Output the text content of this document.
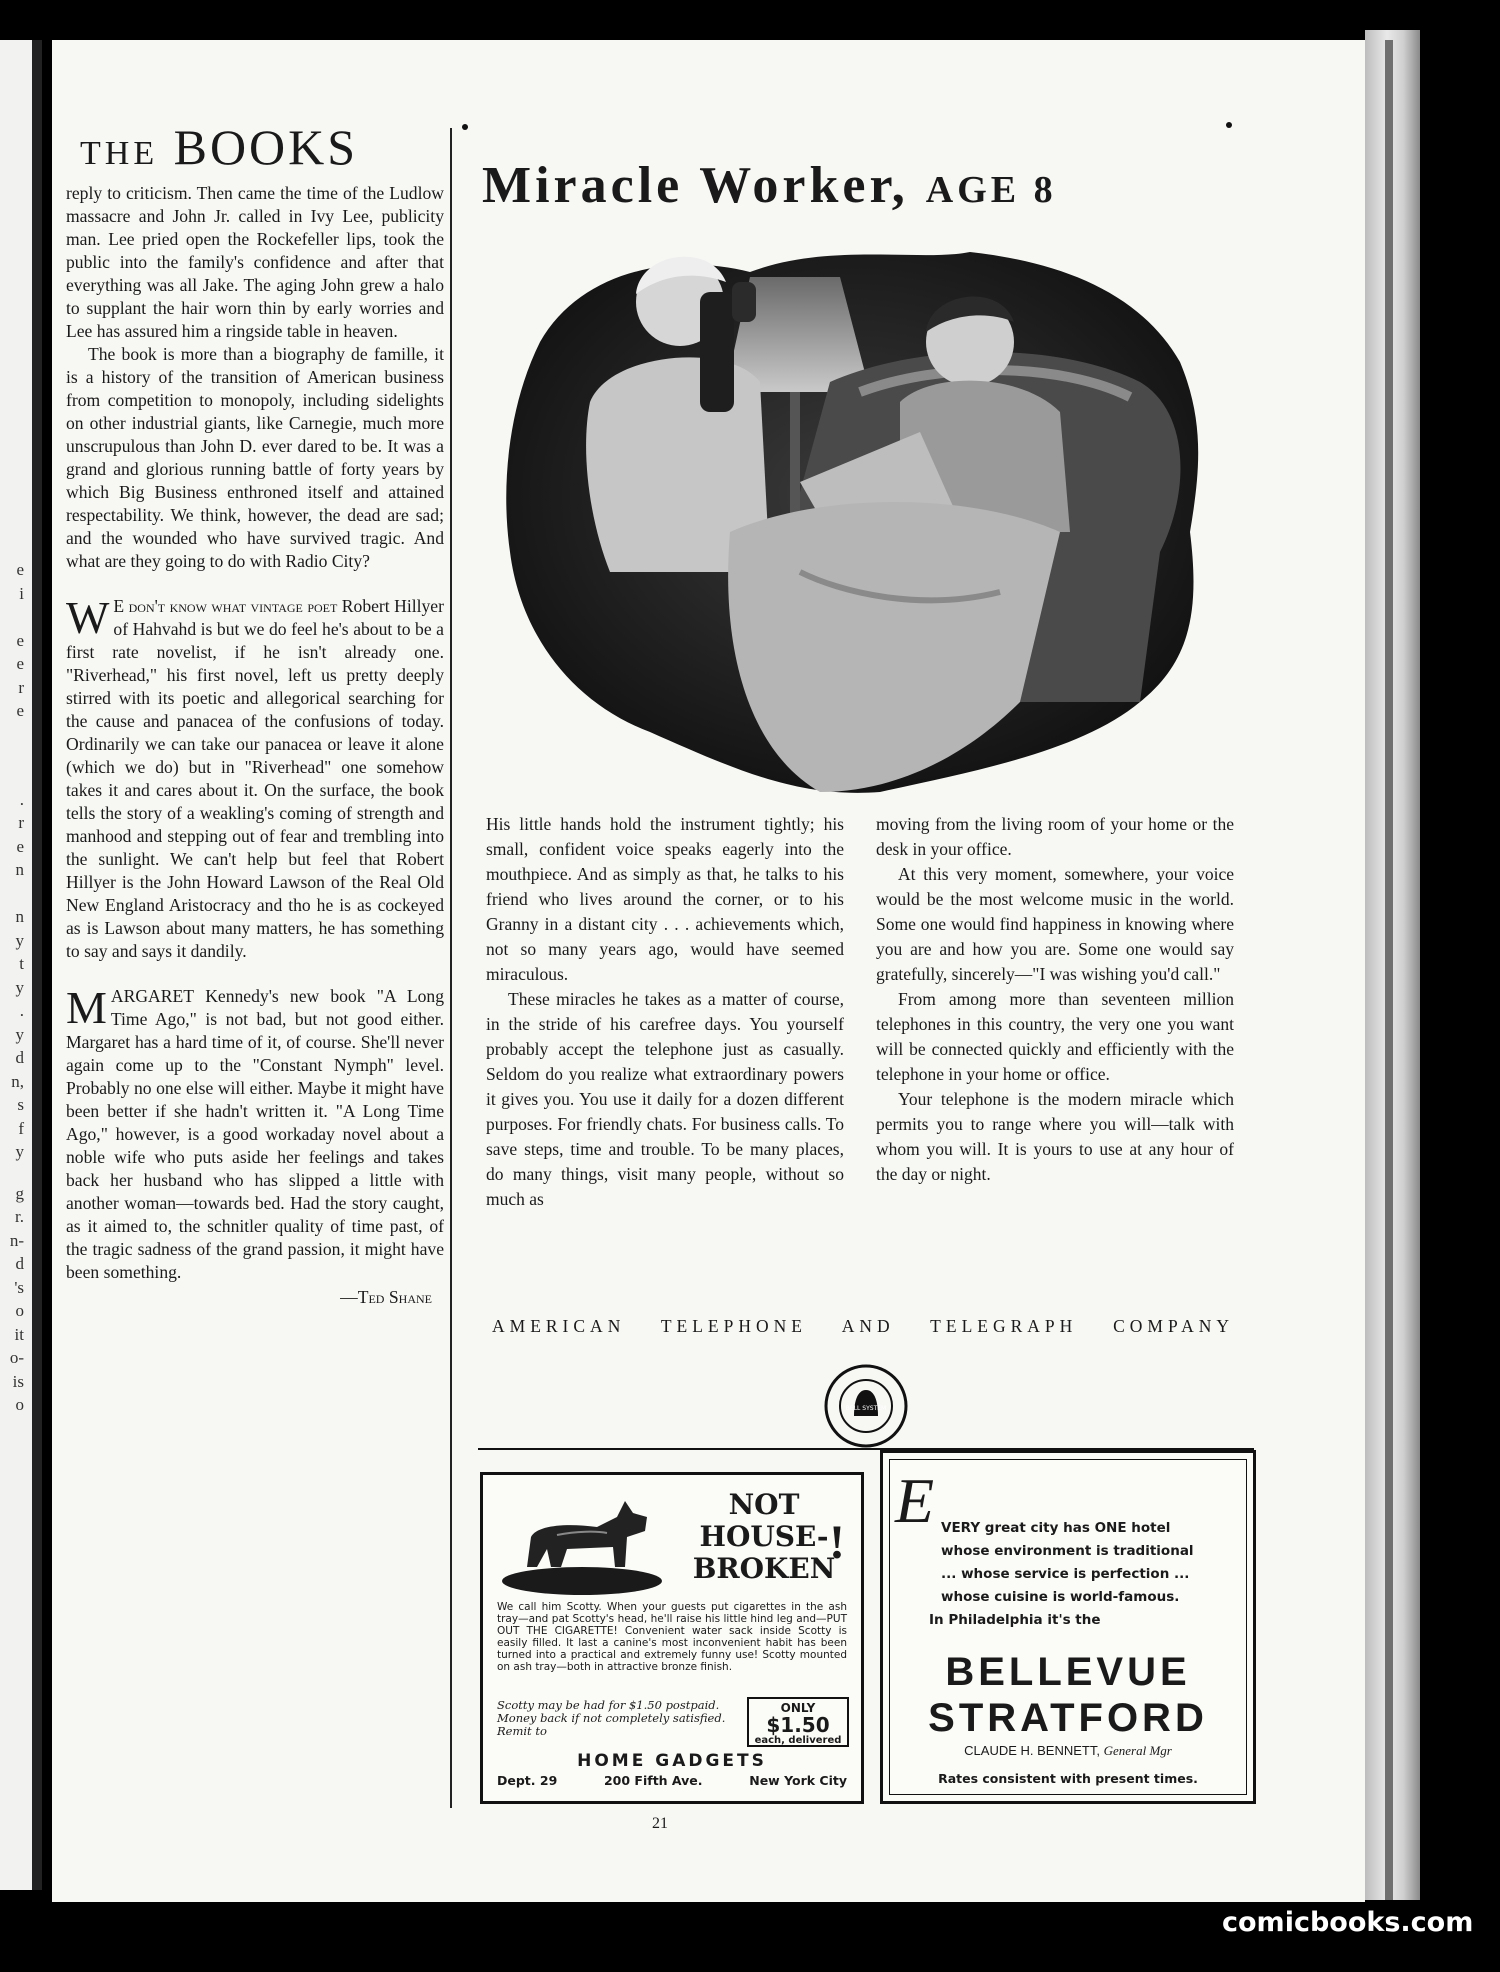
e
i
e
e
r
e
.
r
e
n
n
y
t
y
.
y
d
n,
s
f
y
g
r.
n-
d
's
o
it
o-
is
o
THE BOOKS

reply to criticism. Then came the time of the Ludlow massacre and John Jr. called in Ivy Lee, publicity man. Lee pried open the Rockefeller lips, took the public into the family's confidence and after that everything was all Jake. The aging John grew a halo to supplant the hair worn thin by early worries and Lee has assured him a ringside table in heaven.

The book is more than a biography de famille, it is a history of the transition of American business from competition to monopoly, including sidelights on other industrial giants, like Carnegie, much more unscrupulous than John D. ever dared to be. It was a grand and glorious running battle of forty years by which Big Business enthroned itself and attained respectability. We think, however, the dead are sad; and the wounded who have survived tragic. And what are they going to do with Radio City?

W E don't know what vintage poet Robert Hillyer of Hahvahd is but we do feel he's about to be a first rate novelist, if he isn't already one. "Riverhead," his first novel, left us pretty deeply stirred with its poetic and allegorical searching for the cause and panacea of the confusions of today. Ordinarily we can take our panacea or leave it alone (which we do) but in "Riverhead" one somehow takes it and cares about it. On the surface, the book tells the story of a weakling's coming of strength and manhood and stepping out of fear and trembling into the sunlight. We can't help but feel that Robert Hillyer is the John Howard Lawson of the Real Old New England Aristocracy and tho he is as cockeyed as is Lawson about many matters, he has something to say and says it dandily.

M ARGARET Kennedy's new book "A Long Time Ago," is not bad, but not good either. Margaret has a hard time of it, of course. She'll never again come up to the "Constant Nymph" level. Probably no one else will either. Maybe it might have been better if she hadn't written it. "A Long Time Ago," however, is a good workaday novel about a noble wife who puts aside her feelings and takes back her husband who has slipped a little with another woman—towards bed. Had the story caught, as it aimed to, the schnitler quality of time past, of the tragic sadness of the grand passion, it might have been something.

—Ted Shane
Miracle Worker, AGE 8

His little hands hold the instrument tightly; his small, confident voice speaks eagerly into the mouthpiece. And as simply as that, he talks to his friend who lives around the corner, or to his Granny in a distant city . . . achievements which, not so many years ago, would have seemed miraculous.

These miracles he takes as a matter of course, in the stride of his carefree days. You yourself probably accept the telephone just as casually. Seldom do you realize what extraordinary powers it gives you. You use it daily for a dozen different purposes. For friendly chats. For business calls. To save steps, time and trouble. To be many places, do many things, visit many people, without so much as

moving from the living room of your home or the desk in your office.

At this very moment, somewhere, your voice would be the most welcome music in the world. Some one would find happiness in knowing where you are and how you are. Some one would say gratefully, sincerely—"I was wishing you'd call."

From among more than seventeen million telephones in this country, the very one you want will be connected quickly and efficiently with the telephone in your home or office.

Your telephone is the modern miracle which permits you to range where you will—talk with whom you will. It is yours to use at any hour of the day or night.

AMERICAN TELEPHONE AND TELEGRAPH COMPANY
BELL SYSTEM
NOT HOUSE- BROKEN
!
We call him Scotty. When your guests put cigarettes in the ash tray—and pat Scotty's head, he'll raise his little hind leg and—PUT OUT THE CIGARETTE! Convenient water sack inside Scotty is easily filled. It last a canine's most inconvenient habit has been turned into a practical and extremely funny use! Scotty mounted on ash tray—both in attractive bronze finish.
Scotty may be had for $1.50 postpaid. Money back if not completely satisfied. Remit to
ONLY
$1.50
each, delivered
HOME GADGETS
Dept. 29	200 Fifth Ave.	New York City
E VERY great city has ONE hotel
whose environment is traditional
... whose service is perfection ...
whose cuisine is world-famous.
In Philadelphia it's the
BELLEVUE
STRATFORD
CLAUDE H. BENNETT, General Mgr
Rates consistent with present times.
21
comicbooks.com
